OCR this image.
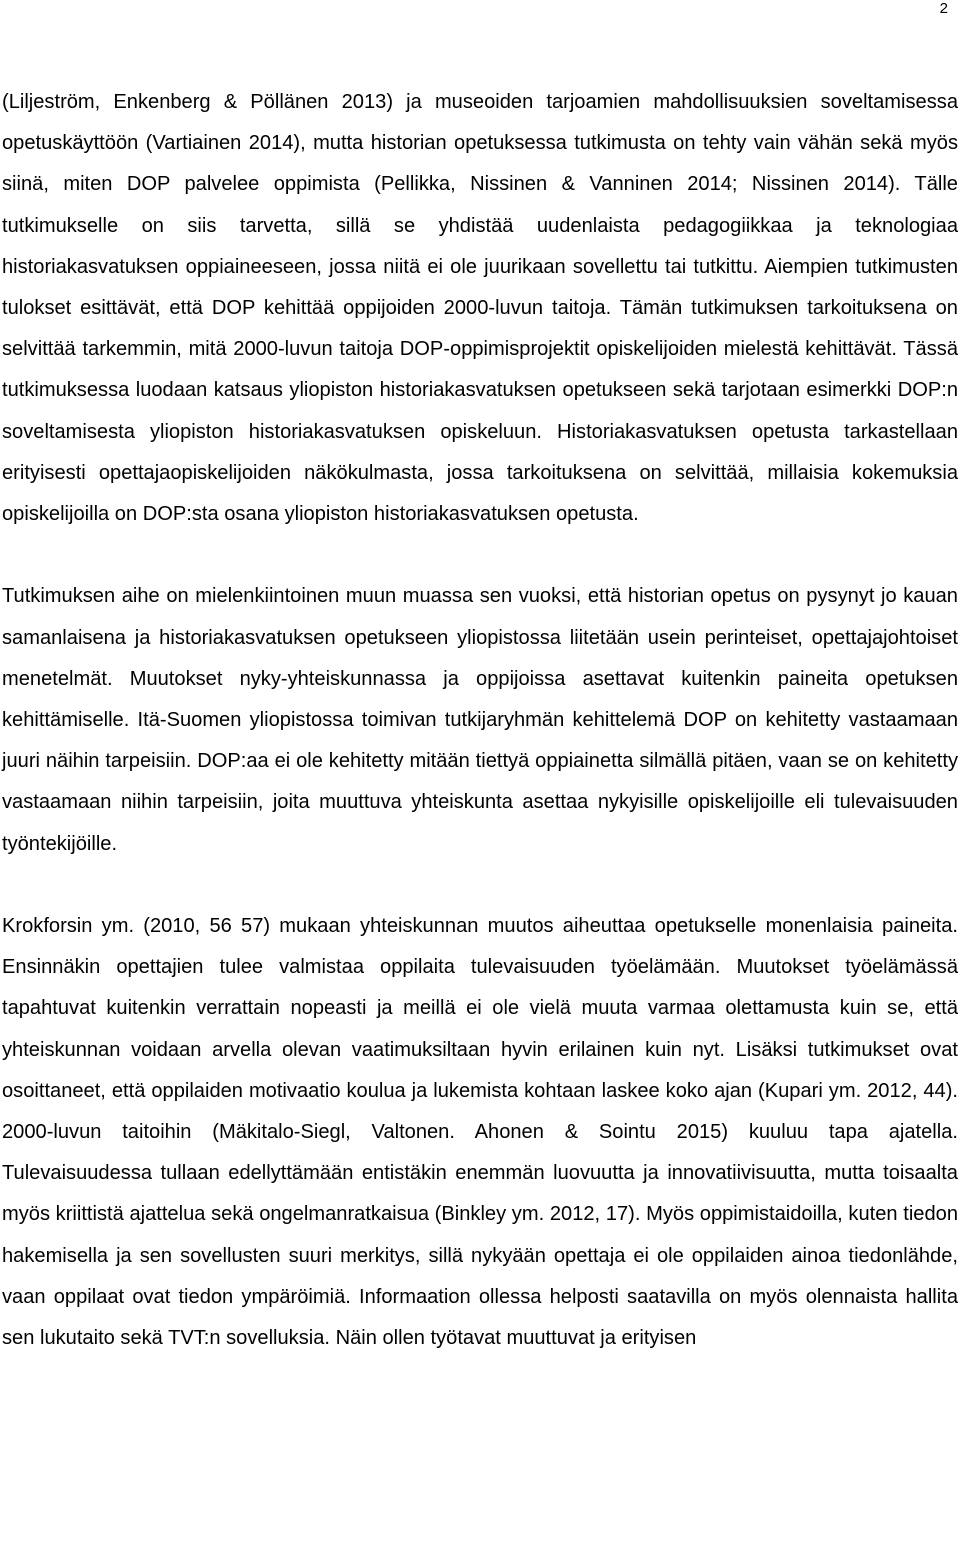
2

(Liljeström, Enkenberg & Pöllänen 2013) ja museoiden tarjoamien mahdollisuuksien soveltamisessa opetuskäyttöön (Vartiainen 2014), mutta historian opetuksessa tutkimusta on tehty vain vähän sekä myös siinä, miten DOP palvelee oppimista (Pellikka, Nissinen & Vanninen 2014; Nissinen 2014). Tälle tutkimukselle on siis tarvetta, sillä se yhdistää uudenlaista pedagogiikkaa ja teknologiaa historiakasvatuksen oppiaineeseen, jossa niitä ei ole juurikaan sovellettu tai tutkittu. Aiempien tutkimusten tulokset esittävät, että DOP kehittää oppijoiden 2000-luvun taitoja. Tämän tutkimuksen tarkoituksena on selvittää tarkemmin, mitä 2000-luvun taitoja DOP-oppimisprojektit opiskelijoiden mielestä kehittävät. Tässä tutkimuksessa luodaan katsaus yliopiston historiakasvatuksen opetukseen sekä tarjotaan esimerkki DOP:n soveltamisesta yliopiston historiakasvatuksen opiskeluun. Historiakasvatuksen opetusta tarkastellaan erityisesti opettajaopiskelijoiden näkökulmasta, jossa tarkoituksena on selvittää, millaisia kokemuksia opiskelijoilla on DOP:sta osana yliopiston historiakasvatuksen opetusta.

Tutkimuksen aihe on mielenkiintoinen muun muassa sen vuoksi, että historian opetus on pysynyt jo kauan samanlaisena ja historiakasvatuksen opetukseen yliopistossa liitetään usein perinteiset, opettajajohtoiset menetelmät. Muutokset nyky-yhteiskunnassa ja oppijoissa asettavat kuitenkin paineita opetuksen kehittämiselle. Itä-Suomen yliopistossa toimivan tutkijaryhmän kehittelemä DOP on kehitetty vastaamaan juuri näihin tarpeisiin. DOP:aa ei ole kehitetty mitään tiettyä oppiainetta silmällä pitäen, vaan se on kehitetty vastaamaan niihin tarpeisiin, joita muuttuva yhteiskunta asettaa nykyisille opiskelijoille eli tulevaisuuden työntekijöille.

Krokforsin ym. (2010, 56 57) mukaan yhteiskunnan muutos aiheuttaa opetukselle monenlaisia paineita. Ensinnäkin opettajien tulee valmistaa oppilaita tulevaisuuden työelämään. Muutokset työelämässä tapahtuvat kuitenkin verrattain nopeasti ja meillä ei ole vielä muuta varmaa olettamusta kuin se, että yhteiskunnan voidaan arvella olevan vaatimuksiltaan hyvin erilainen kuin nyt. Lisäksi tutkimukset ovat osoittaneet, että oppilaiden motivaatio koulua ja lukemista kohtaan laskee koko ajan (Kupari ym. 2012, 44). 2000-luvun taitoihin (Mäkitalo-Siegl, Valtonen. Ahonen & Sointu 2015) kuuluu tapa ajatella. Tulevaisuudessa tullaan edellyttämään entistäkin enemmän luovuutta ja innovatiivisuutta, mutta toisaalta myös kriittistä ajattelua sekä ongelmanratkaisua (Binkley ym. 2012, 17). Myös oppimistaidoilla, kuten tiedon hakemisella ja sen sovellusten suuri merkitys, sillä nykyään opettaja ei ole oppilaiden ainoa tiedonlähde, vaan oppilaat ovat tiedon ympäröimiä. Informaation ollessa helposti saatavilla on myös olennaista hallita sen lukutaito sekä TVT:n sovelluksia. Näin ollen työtavat muuttuvat ja erityisen
